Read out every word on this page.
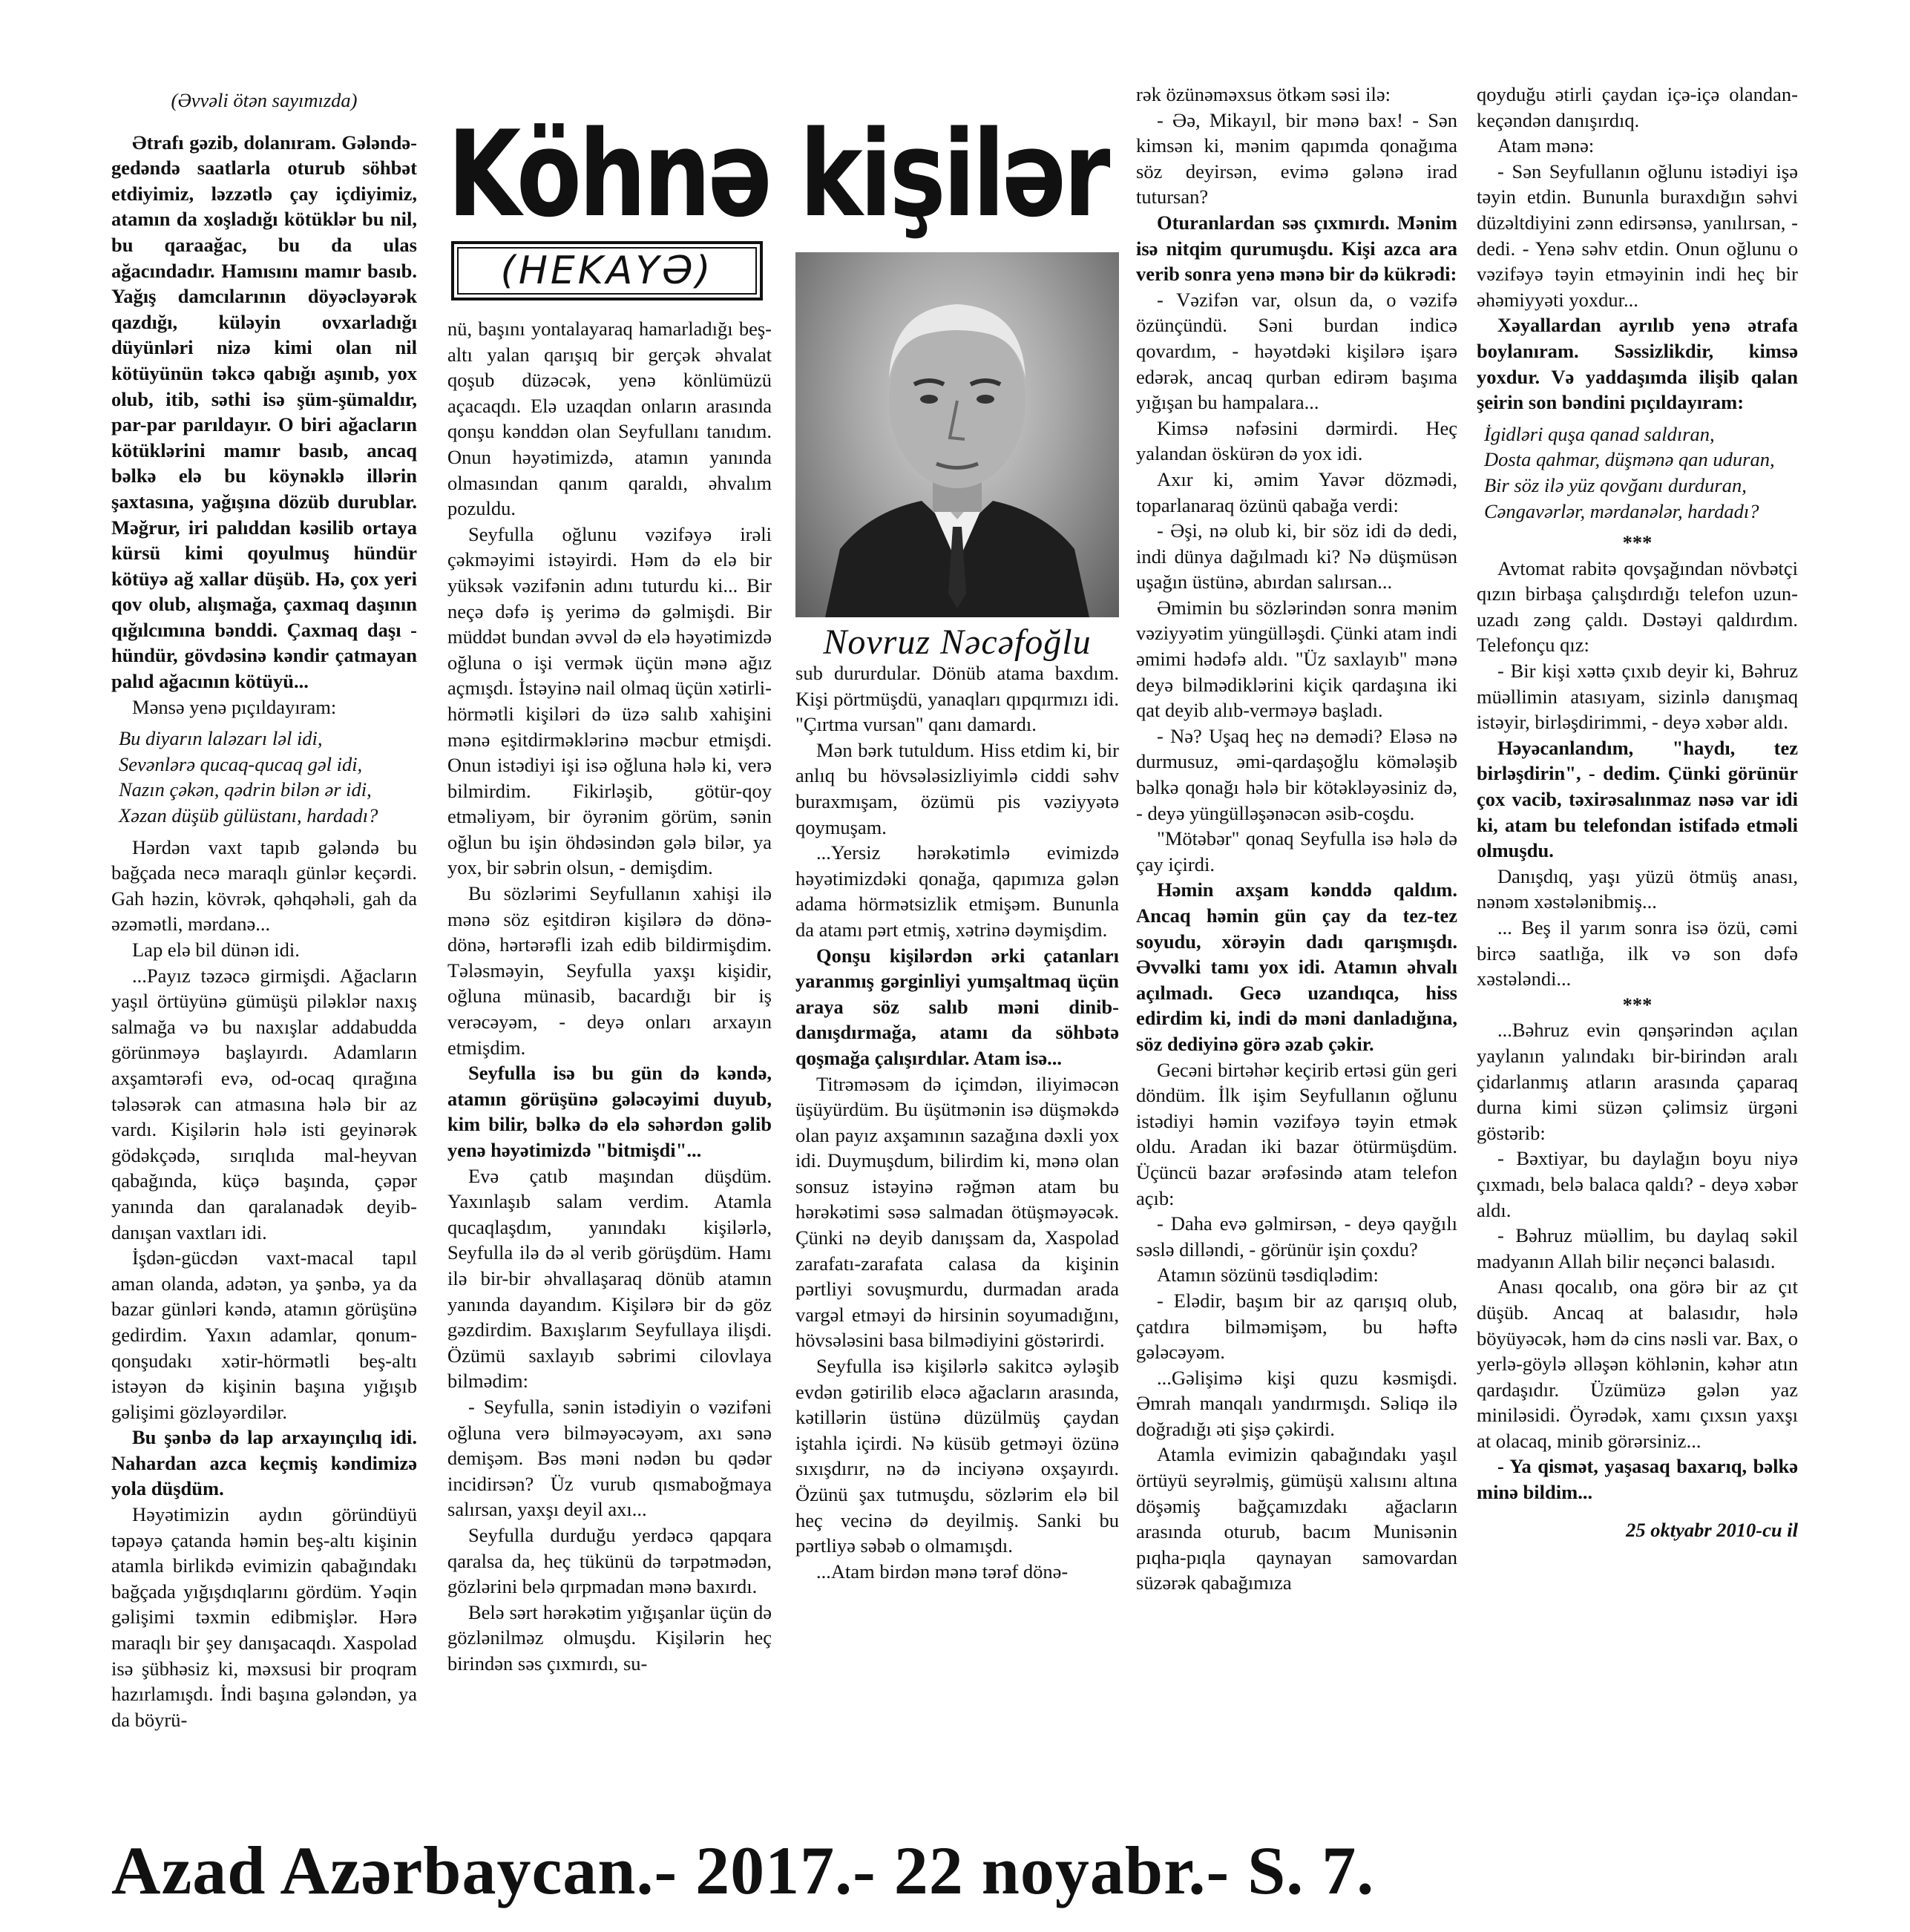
Köhnə kişilər
(HEKAYƏ)
Novruz Nəcəfoğlu

(Əvvəli ötən sayımızda)

Ətrafı gəzib, dolanıram. Gələndə-gedəndə saatlarla oturub söhbət etdiyimiz, ləzzətlə çay içdiyimiz, atamın da xoşladığı kötüklər bu nil, bu qaraağac, bu da ulas ağacındadır. Hamısını mamır basıb. Yağış damcılarının döyəcləyərək qazdığı, küləyin ovxarladığı düyünləri nizə kimi olan nil kötüyünün təkcə qabığı aşınıb, yox olub, itib, səthi isə şüm-şümaldır, par-par parıldayır. O biri ağacların kötüklərini mamır basıb, ancaq bəlkə elə bu köynəklə illərin şaxtasına, yağışına dözüb durublar. Məğrur, iri palıddan kəsilib ortaya kürsü kimi qoyulmuş hündür kötüyə ağ xallar düşüb. Hə, çox yeri qov olub, alışmağa, çaxmaq daşının qığılcımına bənddi. Çaxmaq daşı - hündür, gövdəsinə kəndir çatmayan palıd ağacının kötüyü...

Mənsə yenə pıçıldayıram:

Bu diyarın laləzarı ləl idi,
Sevənlərə qucaq-qucaq gəl idi,
Nazın çəkən, qədrin bilən ər idi,
Xəzan düşüb gülüstanı, hardadı?

Hərdən vaxt tapıb gələndə bu bağçada necə maraqlı günlər keçərdi. Gah həzin, kövrək, qəhqəhəli, gah da əzəmətli, mərdanə...

Lap elə bil dünən idi.

...Payız təzəcə girmişdi. Ağacların yaşıl örtüyünə gümüşü piləklər naxış salmağa və bu naxışlar addabudda görünməyə başlayırdı. Adamların axşamtərəfi evə, od-ocaq qırağına tələsərək can atmasına hələ bir az vardı. Kişilərin hələ isti geyinərək gödəkçədə, sırıqlıda mal-heyvan qabağında, küçə başında, çəpər yanında dan qaralanadək deyib-danışan vaxtları idi.

İşdən-gücdən vaxt-macal tapıl aman olanda, adətən, ya şənbə, ya da bazar günləri kəndə, atamın görüşünə gedirdim. Yaxın adamlar, qonum-qonşudakı xətir-hörmətli beş-altı istəyən də kişinin başına yığışıb gəlişimi gözləyərdilər.

Bu şənbə də lap arxayınçılıq idi. Nahardan azca keçmiş kəndimizə yola düşdüm.

Həyətimizin aydın göründüyü təpəyə çatanda həmin beş-altı kişinin atamla birlikdə evimizin qabağındakı bağçada yığışdıqlarını gördüm. Yəqin gəlişimi təxmin edibmişlər. Hərə maraqlı bir şey danışacaqdı. Xaspolad isə şübhəsiz ki, məxsusi bir proqram hazırlamışdı. İndi başına gələndən, ya da böyrü-

nü, başını yontalayaraq hamarladığı beş-altı yalan qarışıq bir gerçək əhvalat qoşub düzəcək, yenə könlümüzü açacaqdı. Elə uzaqdan onların arasında qonşu kənddən olan Seyfullanı tanıdım. Onun həyətimizdə, atamın yanında olmasından qanım qaraldı, əhvalım pozuldu.

Seyfulla oğlunu vəzifəyə irəli çəkməyimi istəyirdi. Həm də elə bir yüksək vəzifənin adını tuturdu ki... Bir neçə dəfə iş yerimə də gəlmişdi. Bir müddət bundan əvvəl də elə həyətimizdə oğluna o işi vermək üçün mənə ağız açmışdı. İstəyinə nail olmaq üçün xətirli-hörmətli kişiləri də üzə salıb xahişini mənə eşitdirməklərinə məcbur etmişdi. Onun istədiyi işi isə oğluna hələ ki, verə bilmirdim. Fikirləşib, götür-qoy etməliyəm, bir öyrənim görüm, sənin oğlun bu işin öhdəsindən gələ bilər, ya yox, bir səbrin olsun, - demişdim.

Bu sözlərimi Seyfullanın xahişi ilə mənə söz eşitdirən kişilərə də dönə-dönə, hərtərəfli izah edib bildirmişdim. Tələsməyin, Seyfulla yaxşı kişidir, oğluna münasib, bacardığı bir iş verəcəyəm, - deyə onları arxayın etmişdim.

Seyfulla isə bu gün də kəndə, atamın görüşünə gələcəyimi duyub, kim bilir, bəlkə də elə səhərdən gəlib yenə həyətimizdə "bitmişdi"...

Evə çatıb maşından düşdüm. Yaxınlaşıb salam verdim. Atamla qucaqlaşdım, yanındakı kişilərlə, Seyfulla ilə də əl verib görüşdüm. Hamı ilə bir-bir əhvallaşaraq dönüb atamın yanında dayandım. Kişilərə bir də göz gəzdirdim. Baxışlarım Seyfullaya ilişdi. Özümü saxlayıb səbrimi cilovlaya bilmədim:

- Seyfulla, sənin istədiyin o vəzifəni oğluna verə bilməyəcəyəm, axı sənə demişəm. Bəs məni nədən bu qədər incidirsən? Üz vurub qısmaboğmaya salırsan, yaxşı deyil axı...

Seyfulla durduğu yerdəcə qapqara qaralsa da, heç tükünü də tərpətmədən, gözlərini belə qırpmadan mənə baxırdı.

Belə sərt hərəkətim yığışanlar üçün də gözlənilməz olmuşdu. Kişilərin heç birindən səs çıxmırdı, su-

sub dururdular. Dönüb atama baxdım. Kişi pörtmüşdü, yanaqları qıpqırmızı idi. "Çırtma vursan" qanı damardı.

Mən bərk tutuldum. Hiss etdim ki, bir anlıq bu hövsələsizliyimlə ciddi səhv buraxmışam, özümü pis vəziyyətə qoymuşam.

...Yersiz hərəkətimlə evimizdə həyətimizdəki qonağa, qapımıza gələn adama hörmətsizlik etmişəm. Bununla da atamı pərt etmiş, xətrinə dəymişdim.

Qonşu kişilərdən ərki çatanları yaranmış gərginliyi yumşaltmaq üçün araya söz salıb məni dinib-danışdırmağa, atamı da söhbətə qoşmağa çalışırdılar. Atam isə...

Titrəməsəm də içimdən, iliyiməcən üşüyürdüm. Bu üşütmənin isə düşməkdə olan payız axşamının sazağına dəxli yox idi. Duymuşdum, bilirdim ki, mənə olan sonsuz istəyinə rəğmən atam bu hərəkətimi səsə salmadan ötüşməyəcək. Çünki nə deyib danışsam da, Xaspolad zarafatı-zarafata calasa da kişinin pərtliyi sovuşmurdu, durmadan arada vargəl etməyi də hirsinin soyumadığını, hövsələsini basa bilmədiyini göstərirdi.

Seyfulla isə kişilərlə sakitcə əyləşib evdən gətirilib eləcə ağacların arasında, kətillərin üstünə düzülmüş çaydan iştahla içirdi. Nə küsüb getməyi özünə sıxışdırır, nə də inciyənə oxşayırdı. Özünü şax tutmuşdu, sözlərim elə bil heç vecinə də deyilmiş. Sanki bu pərtliyə səbəb o olmamışdı.

...Atam birdən mənə tərəf dönə-

rək özünəməxsus ötkəm səsi ilə:

- Əə, Mikayıl, bir mənə bax! - Sən kimsən ki, mənim qapımda qonağıma söz deyirsən, evimə gələnə irad tutursan?

Oturanlardan səs çıxmırdı. Mənim isə nitqim qurumuşdu. Kişi azca ara verib sonra yenə mənə bir də kükrədi:

- Vəzifən var, olsun da, o vəzifə özünçündü. Səni burdan indicə qovardım, - həyətdəki kişilərə işarə edərək, ancaq qurban edirəm başıma yığışan bu hampalara...

Kimsə nəfəsini dərmirdi. Heç yalandan öskürən də yox idi.

Axır ki, əmim Yavər dözmədi, toparlanaraq özünü qabağa verdi:

- Əşi, nə olub ki, bir söz idi də dedi, indi dünya dağılmadı ki? Nə düşmüsən uşağın üstünə, abırdan salırsan...

Əmimin bu sözlərindən sonra mənim vəziyyətim yüngülləşdi. Çünki atam indi əmimi hədəfə aldı. "Üz saxlayıb" mənə deyə bilmədiklərini kiçik qardaşına iki qat deyib alıb-verməyə başladı.

- Nə? Uşaq heç nə demədi? Eləsə nə durmusuz, əmi-qardaşoğlu kömələşib bəlkə qonağı hələ bir kötəkləyəsiniz də, - deyə yüngülləşənəcən əsib-coşdu.

"Mötəbər" qonaq Seyfulla isə hələ də çay içirdi.

Həmin axşam kənddə qaldım. Ancaq həmin gün çay da tez-tez soyudu, xörəyin dadı qarışmışdı. Əvvəlki tamı yox idi. Atamın əhvalı açılmadı. Gecə uzandıqca, hiss edirdim ki, indi də məni danladığına, söz dediyinə görə əzab çəkir.

Gecəni birtəhər keçirib ertəsi gün geri döndüm. İlk işim Seyfullanın oğlunu istədiyi həmin vəzifəyə təyin etmək oldu. Aradan iki bazar ötürmüşdüm. Üçüncü bazar ərəfəsində atam telefon açıb:

- Daha evə gəlmirsən, - deyə qayğılı səslə dilləndi, - görünür işin çoxdu?

Atamın sözünü təsdiqlədim:

- Elədir, başım bir az qarışıq olub, çatdıra bilməmişəm, bu həftə gələcəyəm.

...Gəlişimə kişi quzu kəsmişdi. Əmrah manqalı yandırmışdı. Səliqə ilə doğradığı əti şişə çəkirdi.

Atamla evimizin qabağındakı yaşıl örtüyü seyrəlmiş, gümüşü xalısını altına döşəmiş bağçamızdakı ağacların arasında oturub, bacım Munisənin pıqha-pıqla qaynayan samovardan süzərək qabağımıza

qoyduğu ətirli çaydan içə-içə olandan-keçəndən danışırdıq.

Atam mənə:

- Sən Seyfullanın oğlunu istədiyi işə təyin etdin. Bununla buraxdığın səhvi düzəltdiyini zənn edirsənsə, yanılırsan, - dedi. - Yenə səhv etdin. Onun oğlunu o vəzifəyə təyin etməyinin indi heç bir əhəmiyyəti yoxdur...

Xəyallardan ayrılıb yenə ətrafa boylanıram. Səssizlikdir, kimsə yoxdur. Və yaddaşımda ilişib qalan şeirin son bəndini pıçıldayıram:

İgidləri quşa qanad saldıran,
Dosta qahmar, düşmənə qan uduran,
Bir söz ilə yüz qovğanı durduran,
Cəngavərlər, mərdanələr, hardadı?

***

Avtomat rabitə qovşağından növbətçi qızın birbaşa çalışdırdığı telefon uzun-uzadı zəng çaldı. Dəstəyi qaldırdım. Telefonçu qız:

- Bir kişi xəttə çıxıb deyir ki, Bəhruz müəllimin atasıyam, sizinlə danışmaq istəyir, birləşdirimmi, - deyə xəbər aldı.

Həyəcanlandım, "haydı, tez birləşdirin", - dedim. Çünki görünür çox vacib, təxirəsalınmaz nəsə var idi ki, atam bu telefondan istifadə etməli olmuşdu.

Danışdıq, yaşı yüzü ötmüş anası, nənəm xəstələnibmiş...

... Beş il yarım sonra isə özü, cəmi bircə saatlığa, ilk və son dəfə xəstələndi...

***

...Bəhruz evin qənşərindən açılan yaylanın yalındakı bir-birindən aralı çidarlanmış atların arasında çaparaq durna kimi süzən çəlimsiz ürgəni göstərib:

- Bəxtiyar, bu daylağın boyu niyə çıxmadı, belə balaca qaldı? - deyə xəbər aldı.

- Bəhruz müəllim, bu daylaq səkil madyanın Allah bilir neçənci balasıdı.

Anası qocalıb, ona görə bir az çıt düşüb. Ancaq at balasıdır, hələ böyüyəcək, həm də cins nəsli var. Bax, o yerlə-göylə əlləşən köhlənin, kəhər atın qardaşıdır. Üzümüzə gələn yaz miniləsidi. Öyrədək, xamı çıxsın yaxşı at olacaq, minib görərsiniz...

- Ya qismət, yaşasaq baxarıq, bəlkə minə bildim...

25 oktyabr 2010-cu il

Azad Azərbaycan.- 2017.- 22 noyabr.- S. 7.
